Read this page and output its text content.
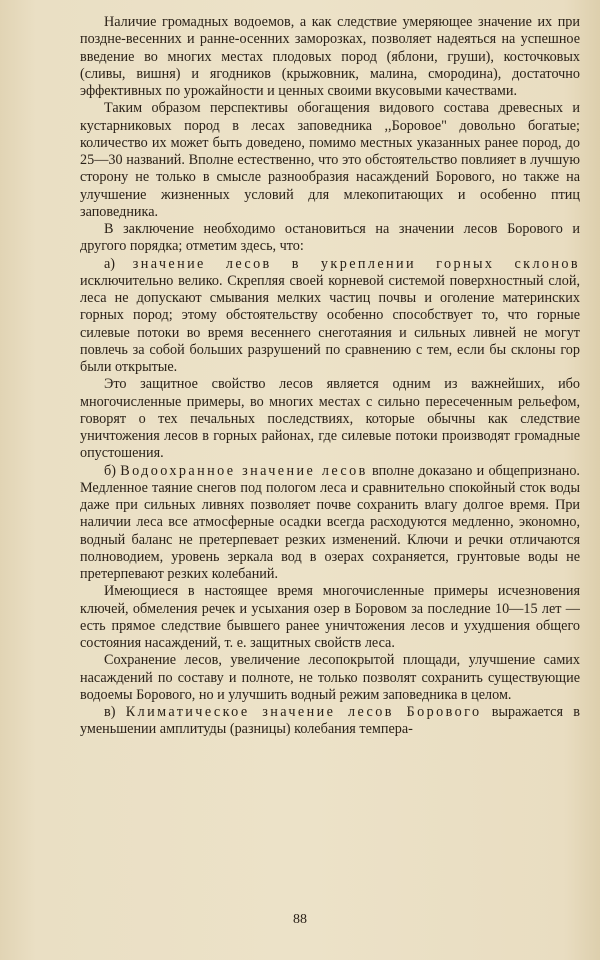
Наличие громадных водоемов, а как следствие умеряющее значение их при поздне-весенних и ранне-осенних заморозках, позволяет надеяться на успешное введение во многих местах плодовых пород (яблони, груши), косточковых (сливы, вишня) и ягодников (крыжовник, малина, смородина), достаточно эффективных по урожайности и ценных своими вкусовыми качествами.

Таким образом перспективы обогащения видового состава древесных и кустарниковых пород в лесах заповедника ,,Боровое" довольно богатые; количество их может быть доведено, помимо местных указанных ранее пород, до 25—30 названий. Вполне естественно, что это обстоятельство повлияет в лучшую сторону не только в смысле разнообразия насаждений Борового, но также на улучшение жизненных условий для млекопитающих и особенно птиц заповедника.

В заключение необходимо остановиться на значении лесов Борового и другого порядка; отметим здесь, что:

а) значение лесов в укреплении горных склонов исключительно велико. Скрепляя своей корневой системой поверхностный слой, леса не допускают смывания мелких частиц почвы и оголение материнских горных пород; этому обстоятельству особенно способствует то, что горные силевые потоки во время весеннего снеготаяния и сильных ливней не могут повлечь за собой больших разрушений по сравнению с тем, если бы склоны гор были открытые.

Это защитное свойство лесов является одним из важнейших, ибо многочисленные примеры, во многих местах с сильно пересеченным рельефом, говорят о тех печальных последствиях, которые обычны как следствие уничтожения лесов в горных районах, где силевые потоки производят громадные опустошения.

б) Водоохранное значение лесов вполне доказано и общепризнано. Медленное таяние снегов под пологом леса и сравнительно спокойный сток воды даже при сильных ливнях позволяет почве сохранить влагу долгое время. При наличии леса все атмосферные осадки всегда расходуются медленно, экономно, водный баланс не претерпевает резких изменений. Ключи и речки отличаются полноводием, уровень зеркала вод в озерах сохраняется, грунтовые воды не претерпевают резких колебаний.

Имеющиеся в настоящее время многочисленные примеры исчезновения ключей, обмеления речек и усыхания озер в Боровом за последние 10—15 лет — есть прямое следствие бывшего ранее уничтожения лесов и ухудшения общего состояния насаждений, т. е. защитных свойств леса.

Сохранение лесов, увеличение лесопокрытой площади, улучшение самих насаждений по составу и полноте, не только позволят сохранить существующие водоемы Борового, но и улучшить водный режим заповедника в целом.

в) Климатическое значение лесов Борового выражается в уменьшении амплитуды (разницы) колебания темпера-

88
